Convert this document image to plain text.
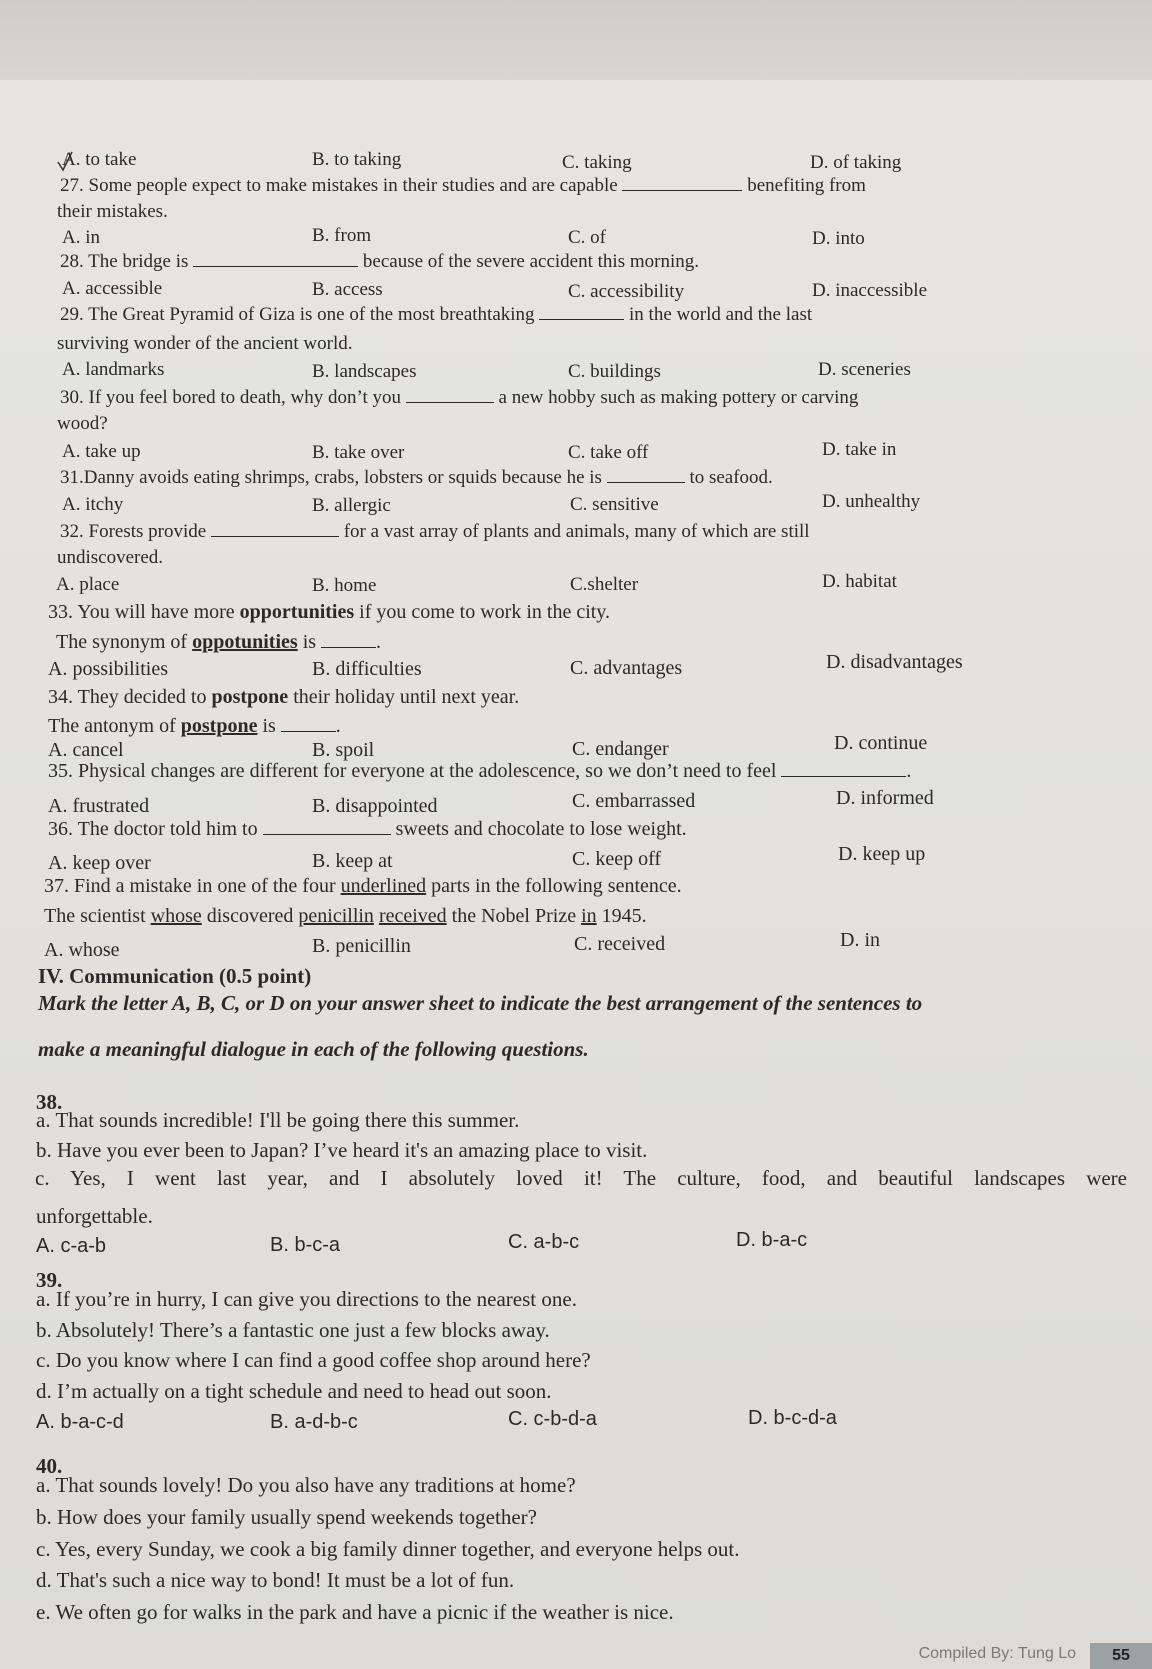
A. to take	B. to taking	C. taking	D. of taking
27. Some people expect to make mistakes in their studies and are capable	benefiting from
their mistakes.
A. in	B. from	C. of	D. into
28. The bridge is	because of the severe accident this morning.
A. accessible	B. access	C. accessibility	D. inaccessible
29. The Great Pyramid of Giza is one of the most breathtaking	in the world and the last
surviving wonder of the ancient world.
A. landmarks	B. landscapes	C. buildings	D. sceneries
30. If you feel bored to death, why don’t you	a new hobby such as making pottery or carving
wood?
A. take up	B. take over	C. take off	D. take in
31.Danny avoids eating shrimps, crabs, lobsters or squids because he is	to seafood.
A. itchy	B. allergic	C. sensitive	D. unhealthy
32. Forests provide	for a vast array of plants and animals, many of which are still
undiscovered.
A. place	B. home	C.shelter	D. habitat
33. You will have more opportunities if you come to work in the city.
The synonym of oppotunities is	.
A. possibilities	B. difficulties	C. advantages	D. disadvantages
34. They decided to postpone their holiday until next year.
The antonym of postpone is	.
A. cancel	B. spoil	C. endanger	D. continue
35. Physical changes are different for everyone at the adolescence, so we don’t need to feel	.
A. frustrated	B. disappointed	C. embarrassed	D. informed
36. The doctor told him to	sweets and chocolate to lose weight.
A. keep over	B. keep at	C. keep off	D. keep up
37. Find a mistake in one of the four underlined parts in the following sentence.
The scientist whose discovered penicillin received the Nobel Prize in 1945.
A. whose	B. penicillin	C. received	D. in
IV. Communication (0.5 point)
Mark the letter A, B, C, or D on your answer sheet to indicate the best arrangement of the sentences to
make a meaningful dialogue in each of the following questions.
38.
a. That sounds incredible! I'll be going there this summer.
b. Have you ever been to Japan? I’ve heard it's an amazing place to visit.
c. Yes, I went last year, and I absolutely loved it! The culture, food, and beautiful landscapes were
unforgettable.
A. c-a-b	B. b-c-a	C. a-b-c	D. b-a-c
39.
a. If you’re in hurry, I can give you directions to the nearest one.
b. Absolutely! There’s a fantastic one just a few blocks away.
c. Do you know where I can find a good coffee shop around here?
d. I’m actually on a tight schedule and need to head out soon.
A. b-a-c-d	B. a-d-b-c	C. c-b-d-a	D. b-c-d-a
40.
a. That sounds lovely! Do you also have any traditions at home?
b. How does your family usually spend weekends together?
c. Yes, every Sunday, we cook a big family dinner together, and everyone helps out.
d. That's such a nice way to bond! It must be a lot of fun.
e. We often go for walks in the park and have a picnic if the weather is nice.
Compiled By: Tung Lo	55
